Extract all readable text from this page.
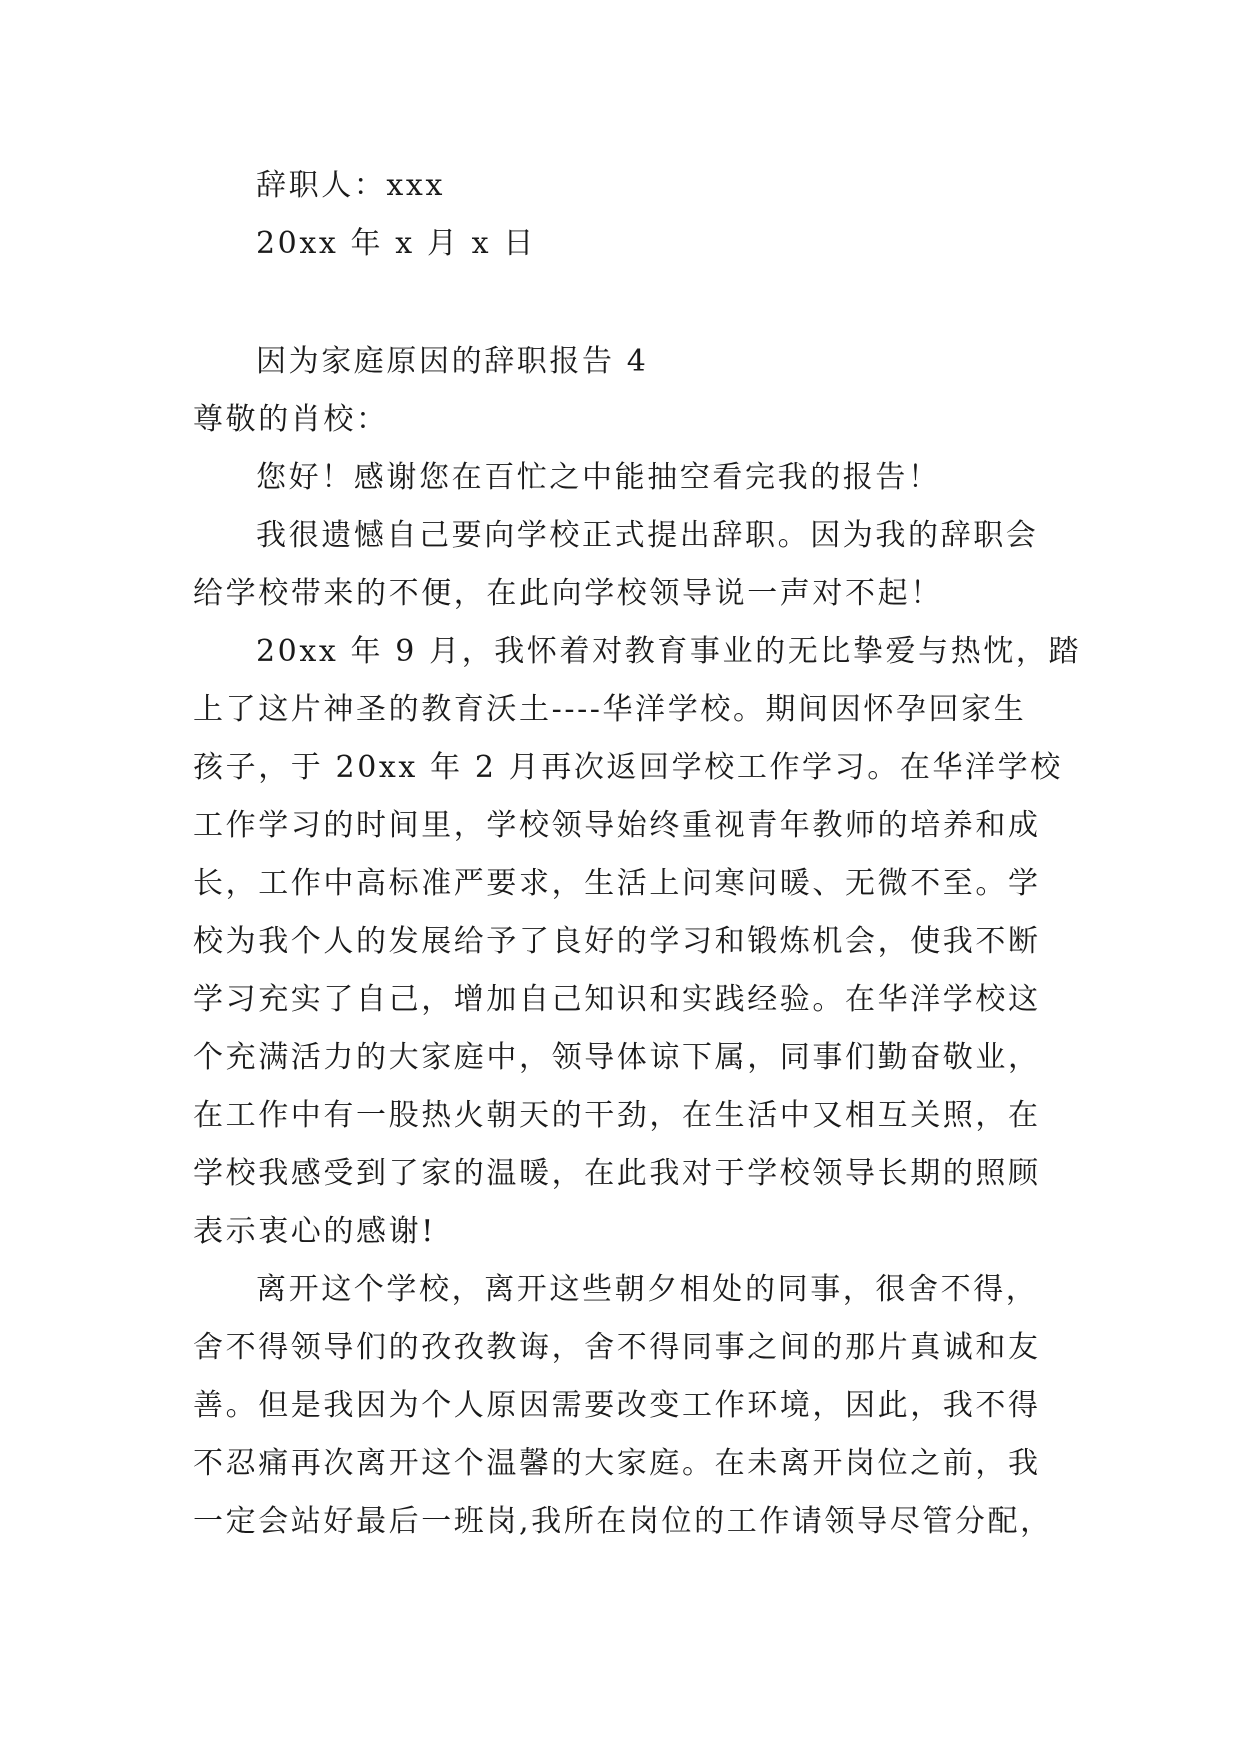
辞职人：xxx
20xx 年 x 月 x 日
因为家庭原因的辞职报告 4
尊敬的肖校：
您好！感谢您在百忙之中能抽空看完我的报告！
我很遗憾自己要向学校正式提出辞职。因为我的辞职会
给学校带来的不便，在此向学校领导说一声对不起！
20xx 年 9 月，我怀着对教育事业的无比挚爱与热忱，踏
上了这片神圣的教育沃土----华洋学校。期间因怀孕回家生
孩子，于 20xx 年 2 月再次返回学校工作学习。在华洋学校
工作学习的时间里，学校领导始终重视青年教师的培养和成
长，工作中高标准严要求，生活上问寒问暖、无微不至。学
校为我个人的发展给予了良好的学习和锻炼机会，使我不断
学习充实了自己，增加自己知识和实践经验。在华洋学校这
个充满活力的大家庭中，领导体谅下属，同事们勤奋敬业，
在工作中有一股热火朝天的干劲，在生活中又相互关照，在
学校我感受到了家的温暖，在此我对于学校领导长期的照顾
表示衷心的感谢!
离开这个学校，离开这些朝夕相处的同事，很舍不得，
舍不得领导们的孜孜教诲，舍不得同事之间的那片真诚和友
善。但是我因为个人原因需要改变工作环境，因此，我不得
不忍痛再次离开这个温馨的大家庭。在未离开岗位之前，我
一定会站好最后一班岗,我所在岗位的工作请领导尽管分配，
